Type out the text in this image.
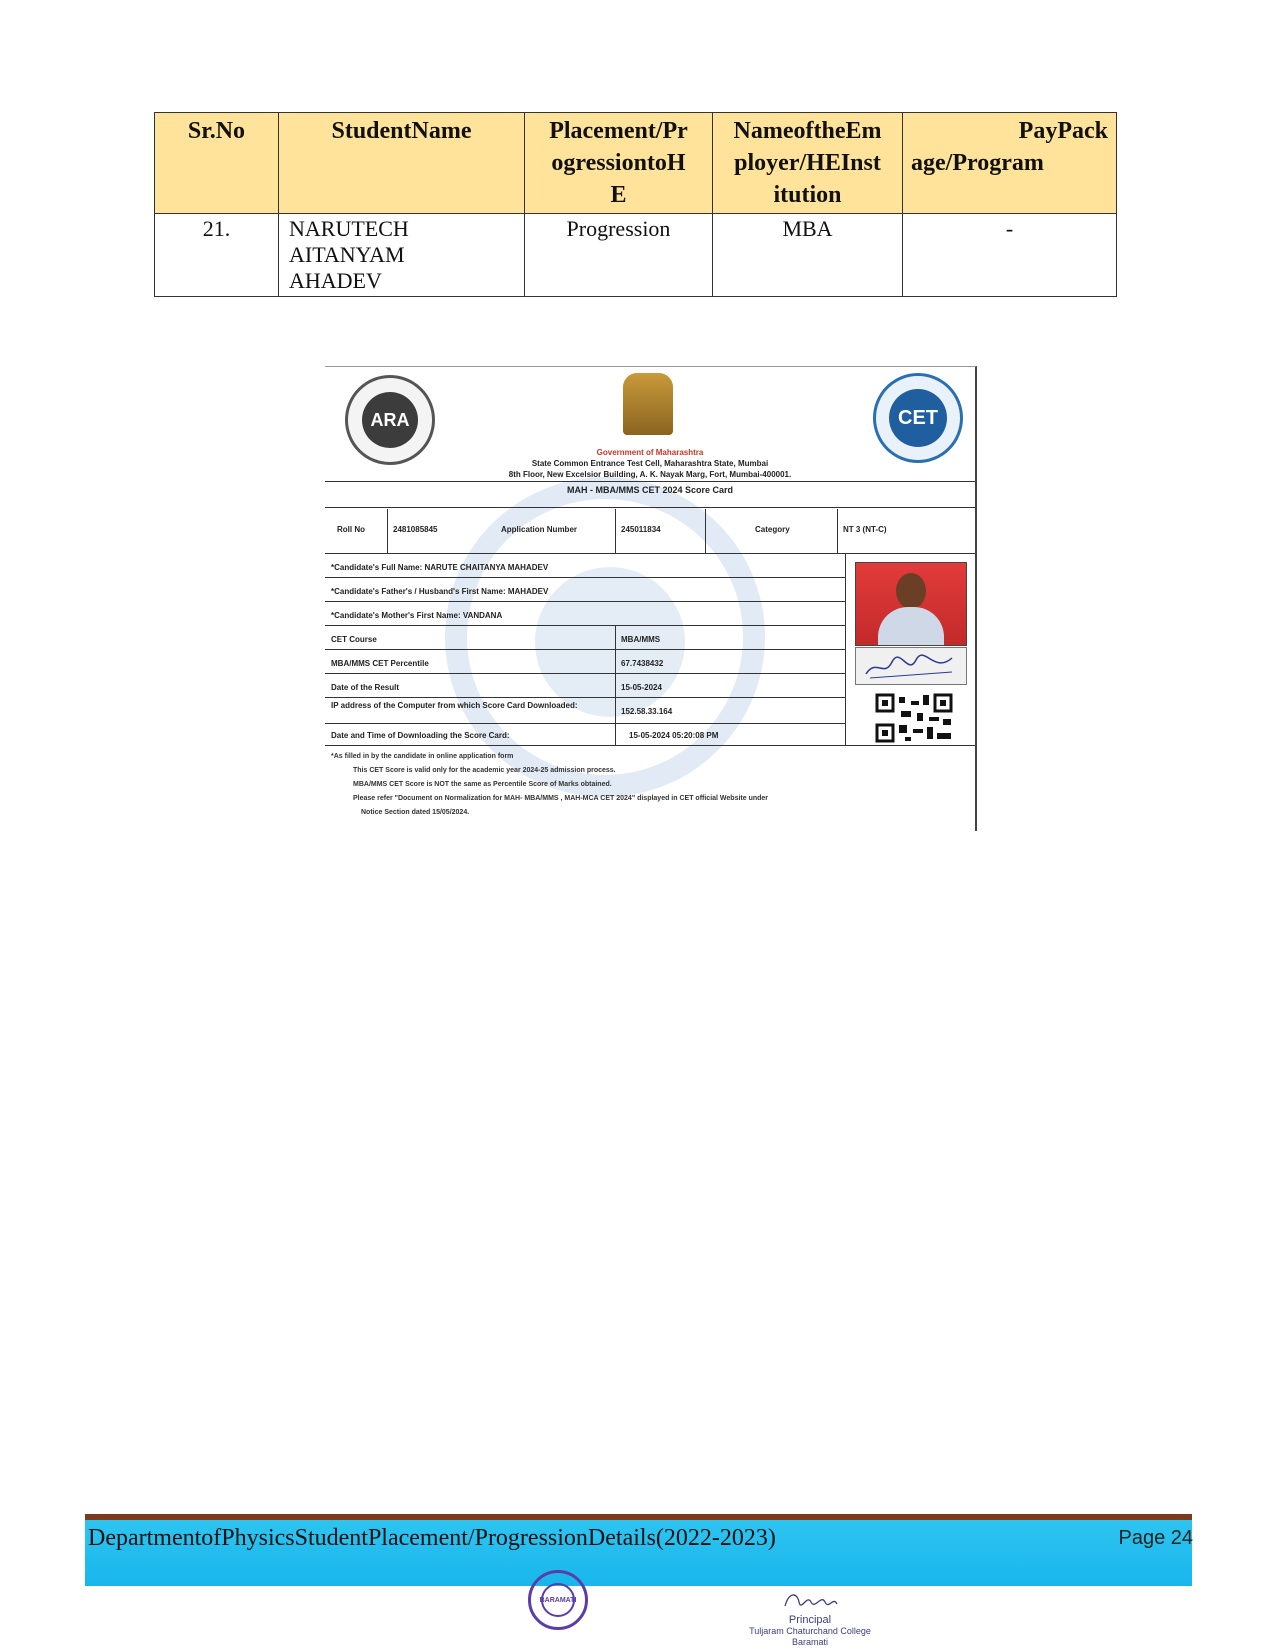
Sr.No	StudentName	Placement/Pr
ogressiontoH
E	NameoftheEm
ployer/HEInst
itution	PayPack
age/Program

21.	NARUTECH
AITANYAM
AHADEV	Progression	MBA	-
ARA	CET
Government of Maharashtra
State Common Entrance Test Cell, Maharashtra State, Mumbai
8th Floor, New Excelsior Building, A. K. Nayak Marg, Fort, Mumbai-400001.
MAH - MBA/MMS CET 2024 Score Card
Roll No	2481085845	Application Number	245011834	Category	NT 3 (NT-C)
*Candidate's Full Name: NARUTE CHAITANYA MAHADEV
*Candidate's Father's / Husband's First Name: MAHADEV
*Candidate's Mother's First Name: VANDANA
CET Course	MBA/MMS
MBA/MMS CET Percentile	67.7438432
Date of the Result	15-05-2024
IP address of the Computer from which Score Card Downloaded:
152.58.33.164
Date and Time of Downloading the Score Card:	15-05-2024 05:20:08 PM
*As filled in by the candidate in online application form
This CET Score is valid only for the academic year 2024-25 admission process.
MBA/MMS CET Score is NOT the same as Percentile Score of Marks obtained.
Please refer "Document on Normalization for MAH- MBA/MMS , MAH-MCA CET 2024" displayed in CET official Website under
Notice Section dated 15/05/2024.
DepartmentofPhysicsStudentPlacement/ProgressionDetails(2022-2023)	Page 24
BARAMATI
Principal
Tuljaram Chaturchand College
Baramati
